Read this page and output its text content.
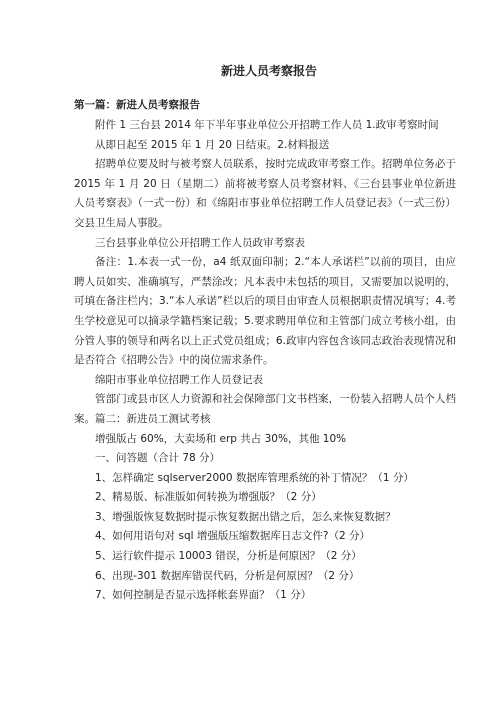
新进人员考察报告
第一篇：新进人员考察报告

附件 1 三台县 2014 年下半年事业单位公开招聘工作人员 1.政审考察时间

从即日起至 2015 年 1 月 20 日结束。2.材料报送

招聘单位要及时与被考察人员联系，按时完成政审考察工作。招聘单位务必于 2015 年 1 月 20 日（星期二）前将被考察人员考察材料、《三台县事业单位新进人员考察表》（一式一份）和《绵阳市事业单位招聘工作人员登记表》（一式三份）交县卫生局人事股。

三台县事业单位公开招聘工作人员政审考察表

备注：1.本表一式一份，a4 纸双面印制；2.“本人承诺栏”以前的项目，由应聘人员如实、准确填写，严禁涂改；凡本表中未包括的项目，又需要加以说明的，可填在备注栏内；3.“本人承诺”栏以后的项目由审查人员根据职责情况填写；4.考生学校意见可以摘录学籍档案记载；5.要求聘用单位和主管部门成立考核小组，由分管人事的领导和两名以上正式党员组成；6.政审内容包含该同志政治表现情况和是否符合《招聘公告》中的岗位需求条件。

绵阳市事业单位招聘工作人员登记表

管部门或县市区人力资源和社会保障部门文书档案，一份装入招聘人员个人档案。篇二：新进员工测试考核

增强版占 60%，大卖场和 erp 共占 30%，其他 10%

一、问答题（合计 78 分）

1、怎样确定 sqlserver2000 数据库管理系统的补丁情况？（1 分）

2、精易版、标准版如何转换为增强版？（2 分）

3、增强版恢复数据时提示恢复数据出错之后，怎么来恢复数据？

4、如何用语句对 sql 增强版压缩数据库日志文件?（2 分）

5、运行软件提示 10003 错误，分析是何原因？（2 分）

6、出现-301 数据库错误代码，分析是何原因？（2 分）

7、如何控制是否显示选择帐套界面？（1 分）
